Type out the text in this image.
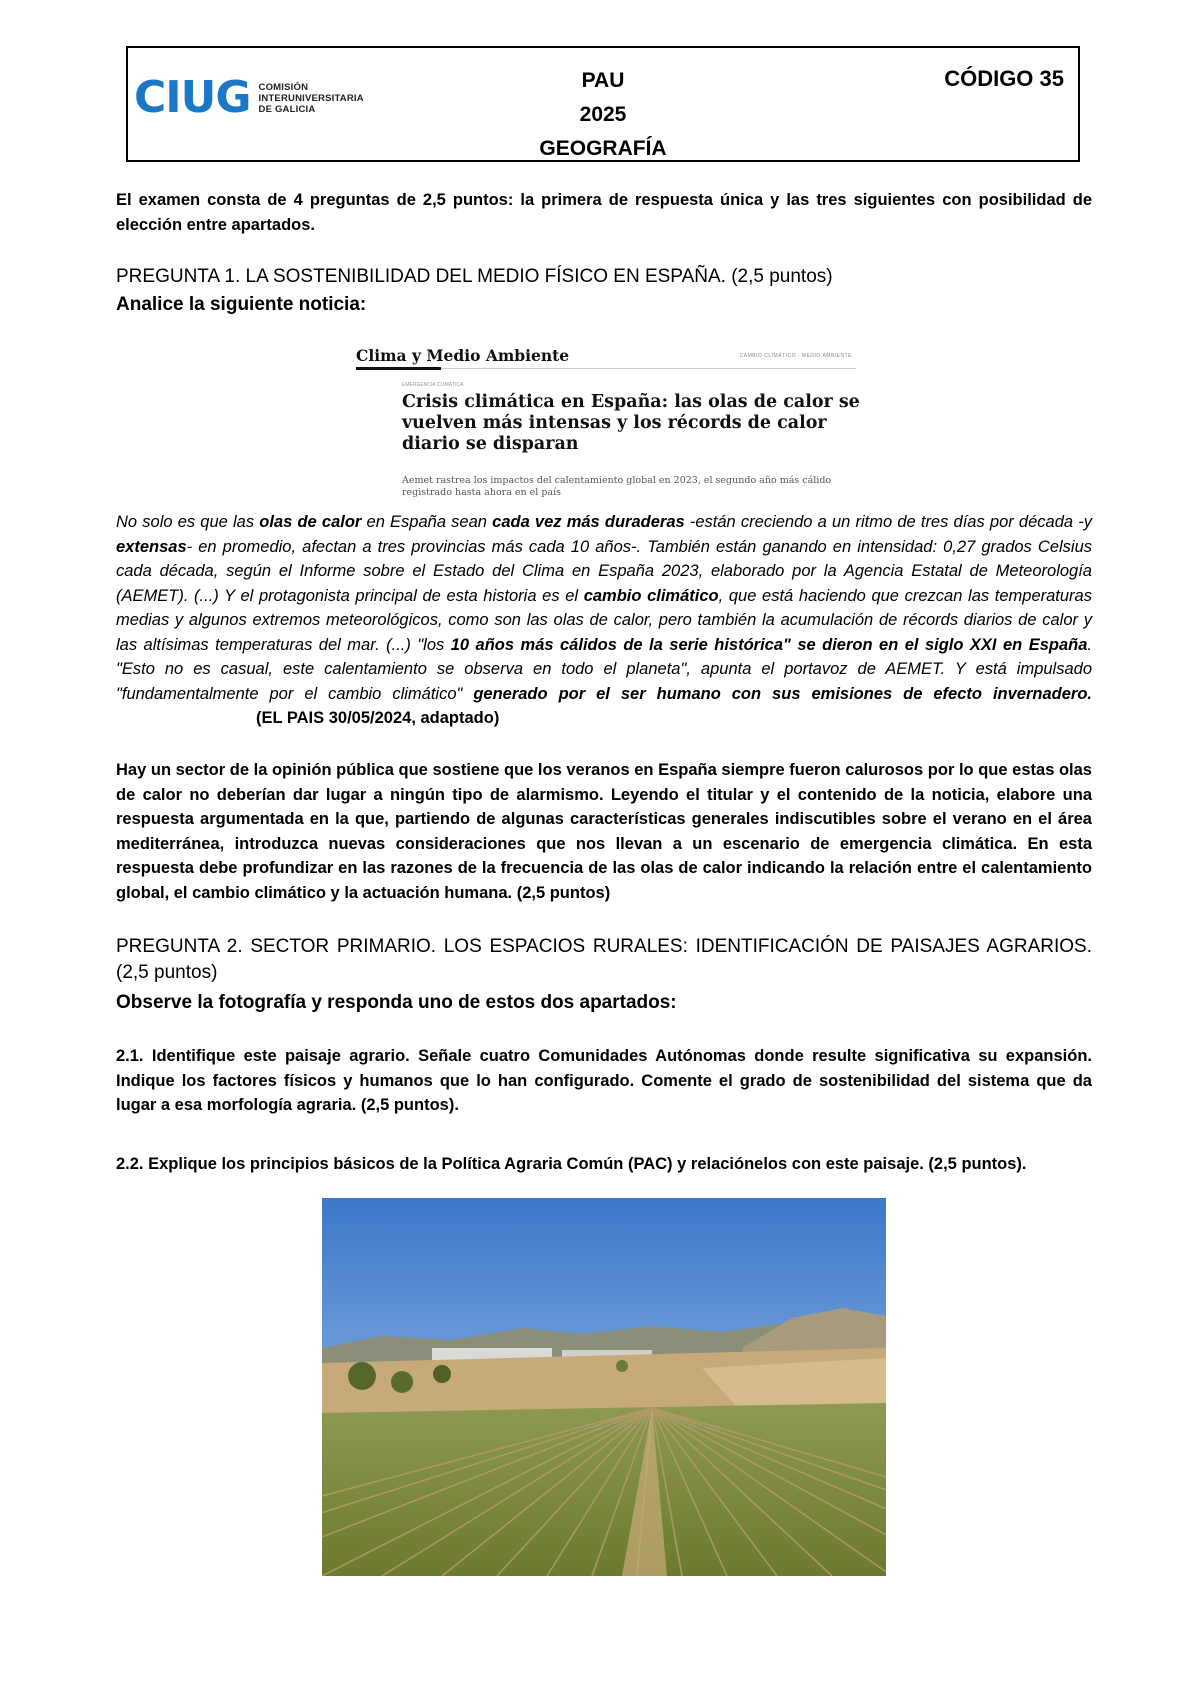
CIUG COMISIÓN
INTERUNIVERSITARIA
DE GALICIA
PAU
2025
GEOGRAFÍA
CÓDIGO 35
El examen consta de 4 preguntas de 2,5 puntos: la primera de respuesta única y las tres siguientes con posibilidad de elección entre apartados.
PREGUNTA 1. LA SOSTENIBILIDAD DEL MEDIO FÍSICO EN ESPAÑA. (2,5 puntos)
Analice la siguiente noticia:
Clima y Medio Ambiente	CAMBIO CLIMÁTICO · MEDIO AMBIENTE
EMERGENCIA CLIMÁTICA
Crisis climática en España: las olas de calor se vuelven más intensas y los récords de calor diario se disparan
Aemet rastrea los impactos del calentamiento global en 2023, el segundo año más cálido registrado hasta ahora en el país
No solo es que las olas de calor en España sean cada vez más duraderas -están creciendo a un ritmo de tres días por década -y extensas- en promedio, afectan a tres provincias más cada 10 años-. También están ganando en intensidad: 0,27 grados Celsius cada década, según el Informe sobre el Estado del Clima en España 2023, elaborado por la Agencia Estatal de Meteorología (AEMET). (...) Y el protagonista principal de esta historia es el cambio climático, que está haciendo que crezcan las temperaturas medias y algunos extremos meteorológicos, como son las olas de calor, pero también la acumulación de récords diarios de calor y las altísimas temperaturas del mar. (...) "los 10 años más cálidos de la serie histórica" se dieron en el siglo XXI en España. "Esto no es casual, este calentamiento se observa en todo el planeta", apunta el portavoz de AEMET. Y está impulsado "fundamentalmente por el cambio climático" generado por el ser humano con sus emisiones de efecto invernadero. (EL PAIS 30/05/2024, adaptado)
Hay un sector de la opinión pública que sostiene que los veranos en España siempre fueron calurosos por lo que estas olas de calor no deberían dar lugar a ningún tipo de alarmismo. Leyendo el titular y el contenido de la noticia, elabore una respuesta argumentada en la que, partiendo de algunas características generales indiscutibles sobre el verano en el área mediterránea, introduzca nuevas consideraciones que nos llevan a un escenario de emergencia climática. En esta respuesta debe profundizar en las razones de la frecuencia de las olas de calor indicando la relación entre el calentamiento global, el cambio climático y la actuación humana. (2,5 puntos)
PREGUNTA 2. SECTOR PRIMARIO. LOS ESPACIOS RURALES: IDENTIFICACIÓN DE PAISAJES AGRARIOS. (2,5 puntos)
Observe la fotografía y responda uno de estos dos apartados:
2.1. Identifique este paisaje agrario. Señale cuatro Comunidades Autónomas donde resulte significativa su expansión. Indique los factores físicos y humanos que lo han configurado. Comente el grado de sostenibilidad del sistema que da lugar a esa morfología agraria. (2,5 puntos).
2.2. Explique los principios básicos de la Política Agraria Común (PAC) y relaciónelos con este paisaje. (2,5 puntos).
